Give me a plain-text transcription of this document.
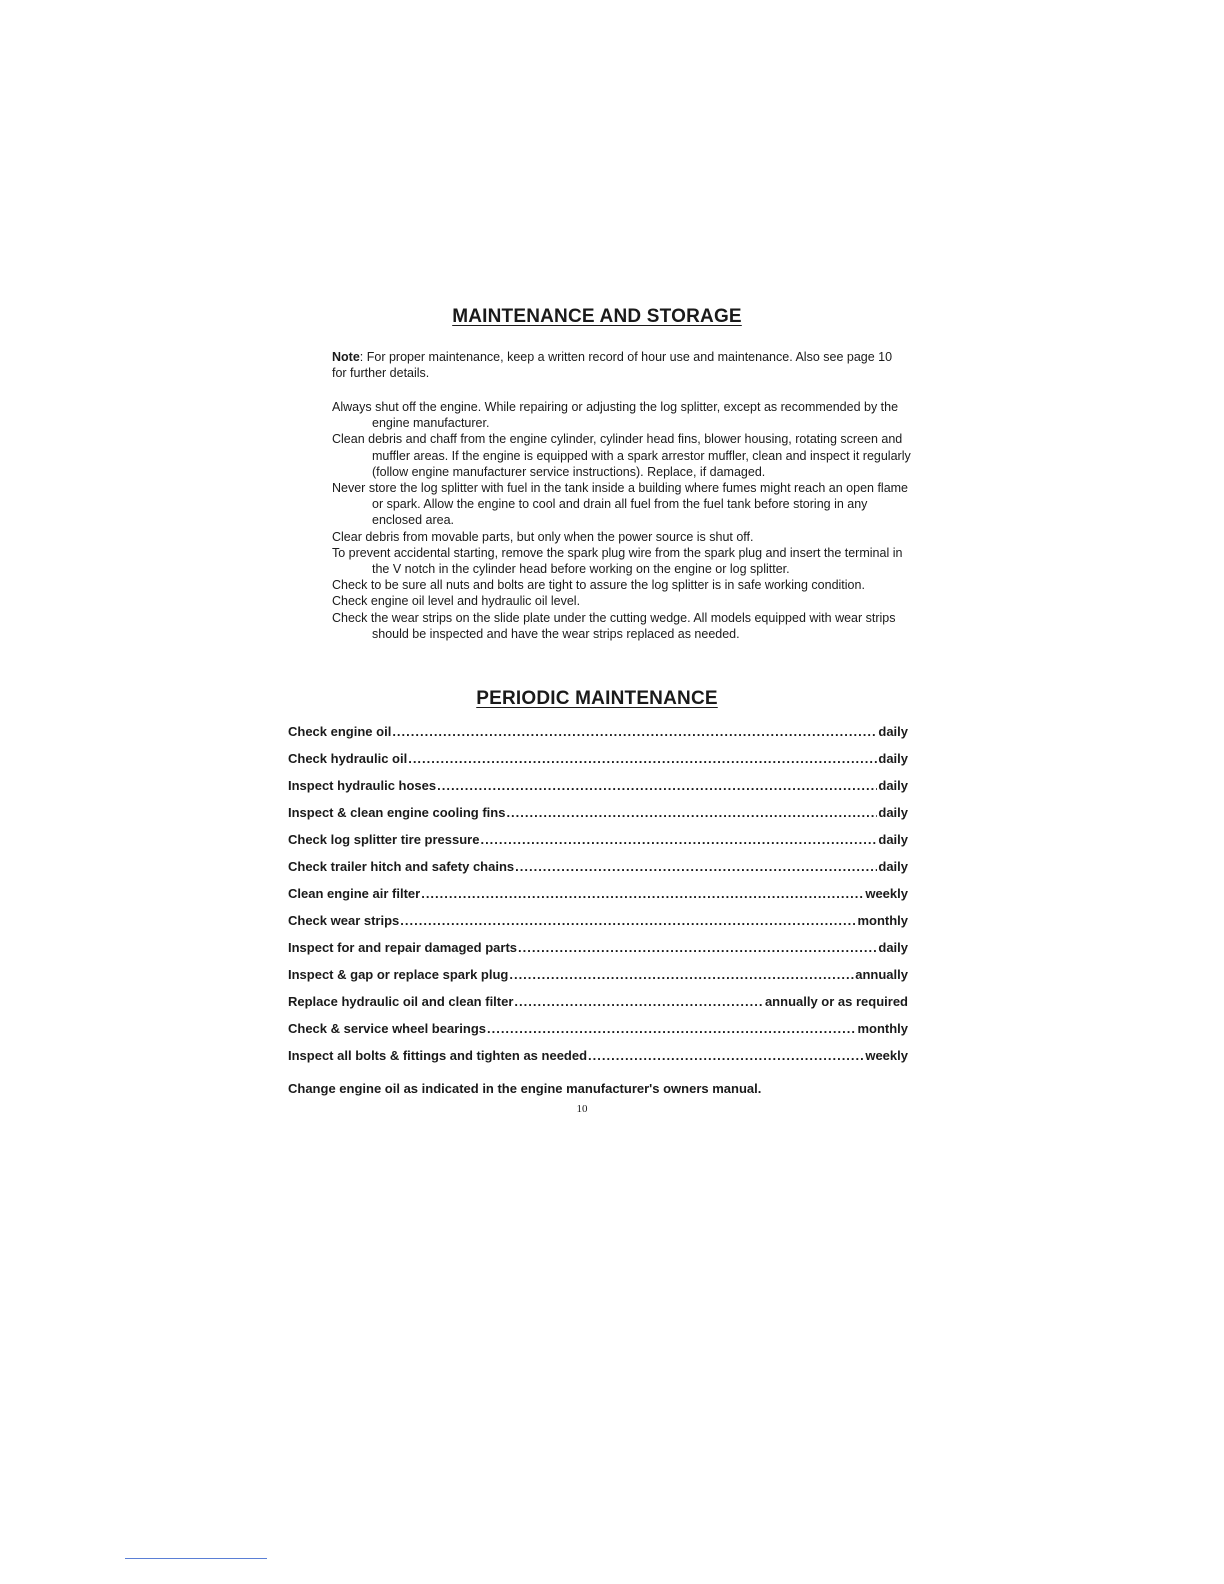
MAINTENANCE AND STORAGE
Note: For proper maintenance, keep a written record of hour use and maintenance. Also see page 10 for further details.
Always shut off the engine. While repairing or adjusting the log splitter, except as recommended by the engine manufacturer.
Clean debris and chaff from the engine cylinder, cylinder head fins, blower housing, rotating screen and muffler areas. If the engine is equipped with a spark arrestor muffler, clean and inspect it regularly (follow engine manufacturer service instructions). Replace, if damaged.
Never store the log splitter with fuel in the tank inside a building where fumes might reach an open flame or spark. Allow the engine to cool and drain all fuel from the fuel tank before storing in any enclosed area.
Clear debris from movable parts, but only when the power source is shut off.
To prevent accidental starting, remove the spark plug wire from the spark plug and insert the terminal in the V notch in the cylinder head before working on the engine or log splitter.
Check to be sure all nuts and bolts are tight to assure the log splitter is in safe working condition.
Check engine oil level and hydraulic oil level.
Check the wear strips on the slide plate under the cutting wedge. All models equipped with wear strips should be inspected and have the wear strips replaced as needed.
PERIODIC MAINTENANCE
Check engine oil .....	daily
Check hydraulic oil .....	daily
Inspect hydraulic hoses .....	daily
Inspect & clean engine cooling fins .....	daily
Check log splitter tire pressure .....	daily
Check trailer hitch and safety chains .....	daily
Clean engine air filter .....	weekly
Check wear strips .....	monthly
Inspect for and repair damaged parts .....	daily
Inspect & gap or replace spark plug .....	annually
Replace hydraulic oil and clean filter .....	annually or as required
Check & service wheel bearings .....	monthly
Inspect all bolts & fittings and tighten as needed .....	weekly
Change engine oil as indicated in the engine manufacturer's owners manual.
10
